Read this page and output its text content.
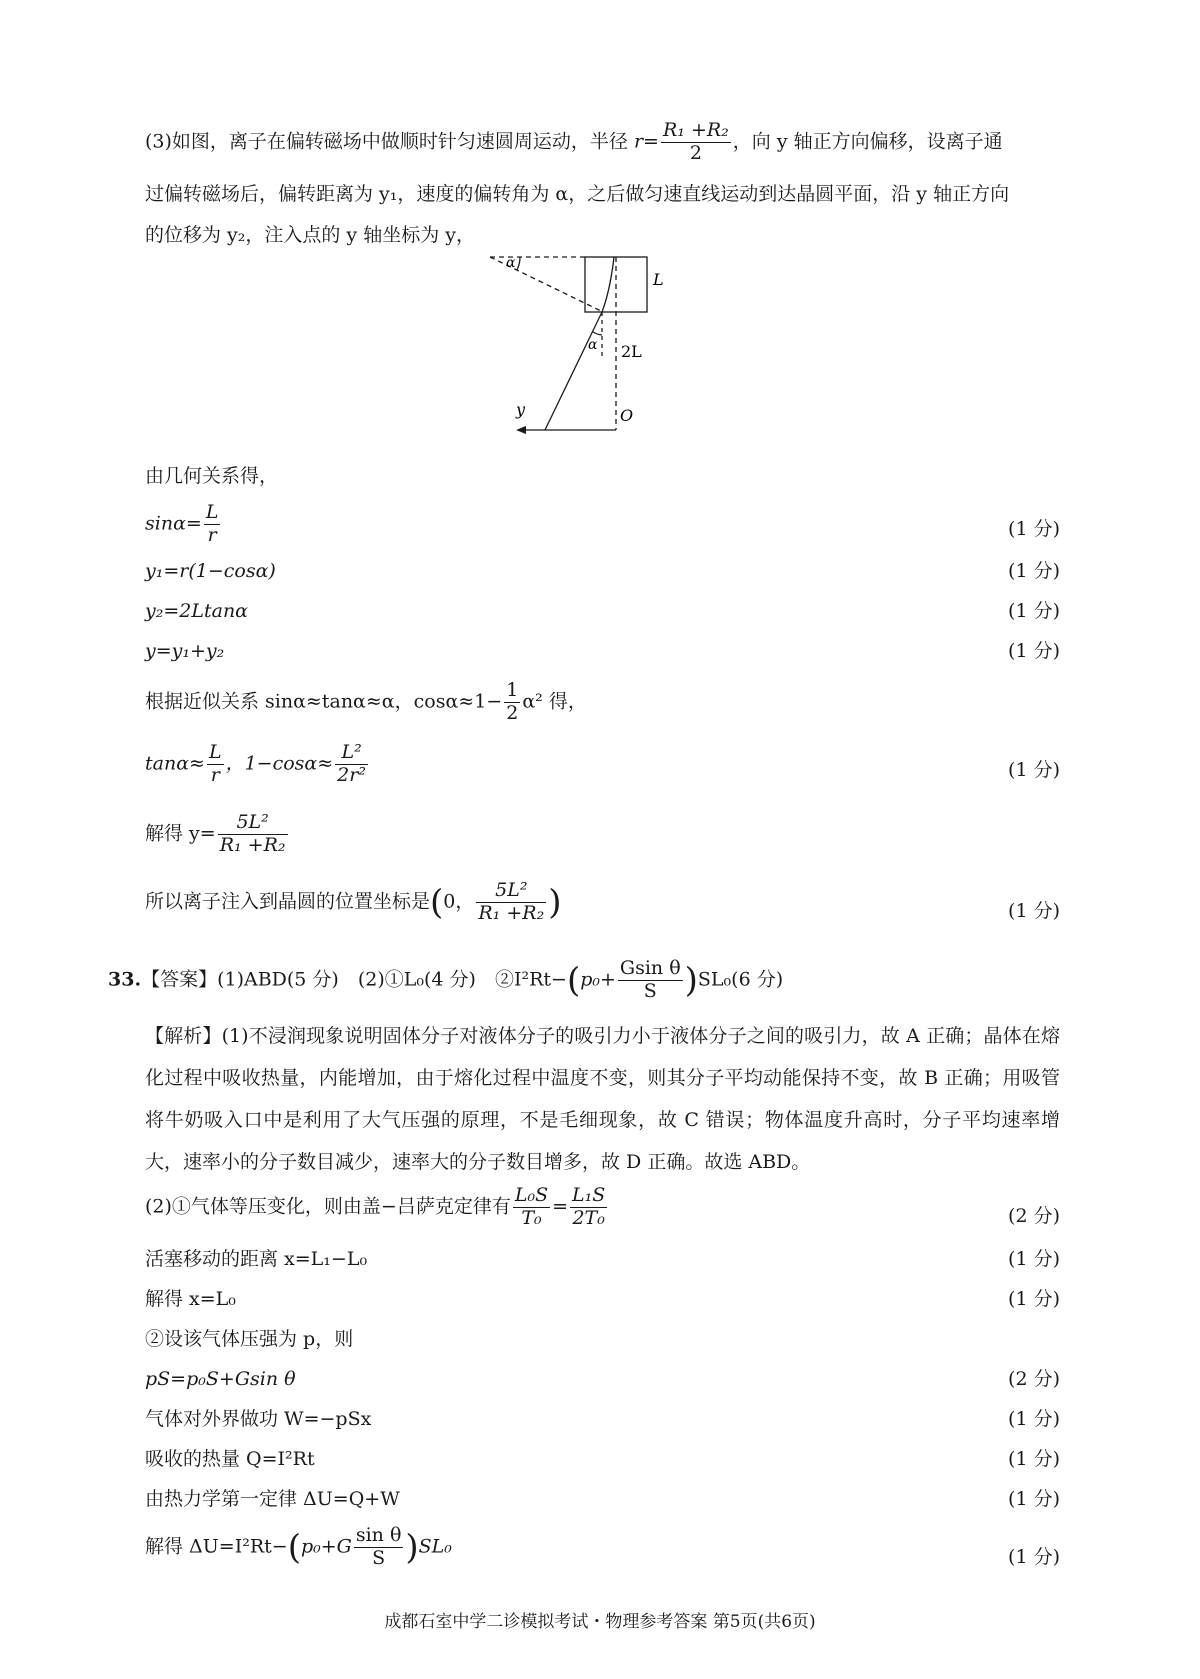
(3)如图，离子在偏转磁场中做顺时针匀速圆周运动，半径 $r= \frac{\text{R₁ +R₂}}{2}$ ，向 y 轴正方向偏移，设离子通
过偏转磁场后，偏转距离为 y₁，速度的偏转角为 α，之后做匀速直线运动到达晶圆平面，沿 y 轴正方向
的位移为 y₂，注入点的 y 轴坐标为 y，
α
L
α 2L
y	O
由几何关系得，
$\sin\alpha= \frac{L}{r}$	(1 分)
y₁=r(1−cosα)	(1 分)
y₂=2Ltanα	(1 分)
y=y₁+y₂	(1 分)
根据近似关系 sinα≈tanα≈α，$\cos\alpha\approx 1- \frac{1}{2} \alpha^2$ 得，
$\tan\alpha\approx \frac{L}{r}$ ，$1-\cos\alpha\approx \frac{\text{L²}}{\text{2r²}}$	(1 分)
解得 $y= \frac{\text{5L²}}{\text{R₁ +R₂}}$
所以离子注入到晶圆的位置坐标是(0， $\frac{\text{5L²}}{\text{R₁ +R₂}}$ )	(1 分)
33.【答案】(1)ABD(5 分)　(2)①L₀(4 分)　②I²Rt−(p₀+ $\frac{\text{Gsin θ}}{S} )SL_0(6$ 分)
【解析】(1)不浸润现象说明固体分子对液体分子的吸引力小于液体分子之间的吸引力，故 A 正确；晶体在熔化过程中吸收热量，内能增加，由于熔化过程中温度不变，则其分子平均动能保持不变，故 B 正确；用吸管将牛奶吸入口中是利用了大气压强的原理，不是毛细现象，故 C 错误；物体温度升高时，分子平均速率增大，速率小的分子数目减少，速率大的分子数目增多，故 D 正确。故选 ABD。
(2)①气体等压变化，则由盖−吕萨克定律有 $\frac{\text{L₀S}}{\text{T₀}} = \frac{\text{L₁S}}{\text{2T₀}}$	(2 分)
活塞移动的距离 x=L₁−L₀	(1 分)
解得 x=L₀	(1 分)
②设该气体压强为 p，则
pS=p₀S+Gsin θ	(2 分)
气体对外界做功 W=−pSx	(1 分)
吸收的热量 Q=I²Rt	(1 分)
由热力学第一定律 ΔU=Q+W	(1 分)
解得 $\Delta U=I^2Rt-(p_0+G \frac{\text{sin θ}}{S} )SL_0$	(1 分)
成都石室中学二诊模拟考试・物理参考答案 第5页(共6页)
